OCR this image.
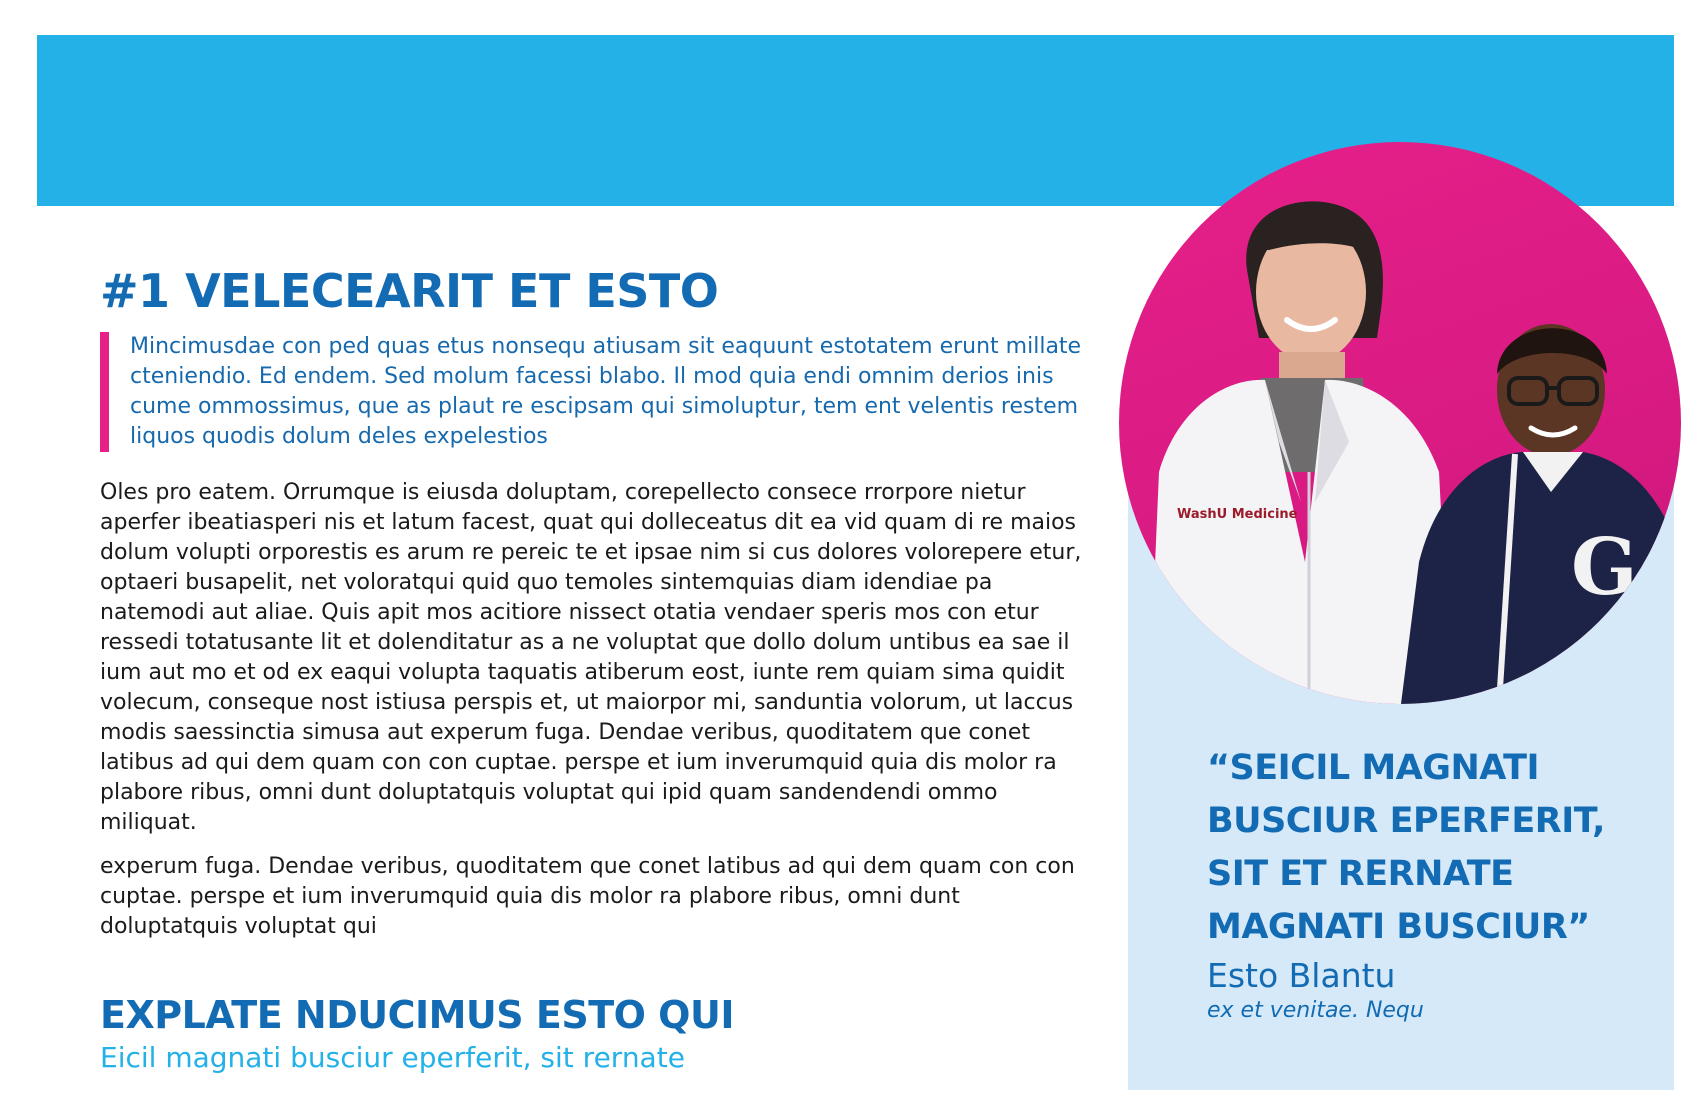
WashU Medicine
G

“SEICIL MAGNATI BUSCIUR EPERFERIT, SIT ET RERNATE MAGNATI BUSCIUR”

Esto Blantu
ex et venitae. Nequ
#1 VELECEARIT ET ESTO

Mincimusdae con ped quas etus nonsequ atiusam sit eaquunt estotatem erunt millate cteniendio. Ed endem. Sed molum facessi blabo. Il mod quia endi omnim derios inis cume ommossimus, que as plaut re escipsam qui simoluptur, tem ent velentis restem liquos quodis dolum deles expelestios

Oles pro eatem. Orrumque is eiusda doluptam, corepellecto consece rrorpore nietur aperfer ibeatiasperi nis et latum facest, quat qui dolleceatus dit ea vid quam di re maios dolum volupti orporestis es arum re pereic te et ipsae nim si cus dolores volorepere etur, optaeri busapelit, net voloratqui quid quo temoles sintemquias diam idendiae pa natemodi aut aliae. Quis apit mos acitiore nissect otatia vendaer speris mos con etur ressedi totatusante lit et dolenditatur as a ne voluptat que dollo dolum untibus ea sae il ium aut mo et od ex eaqui volupta taquatis atiberum eost, iunte rem quiam sima quidit volecum, conseque nost istiusa perspis et, ut maiorpor mi, sanduntia volorum, ut laccus modis saessinctia simusa aut experum fuga. Dendae veribus, quoditatem que conet latibus ad qui dem quam con con cuptae. perspe et ium inverumquid quia dis molor ra plabore ribus, omni dunt doluptatquis voluptat qui ipid quam sandendendi ommo miliquat.

experum fuga. Dendae veribus, quoditatem que conet latibus ad qui dem quam con con cuptae. perspe et ium inverumquid quia dis molor ra plabore ribus, omni dunt doluptatquis voluptat qui

EXPLATE NDUCIMUS ESTO QUI

Eicil magnati busciur eperferit, sit rernate
